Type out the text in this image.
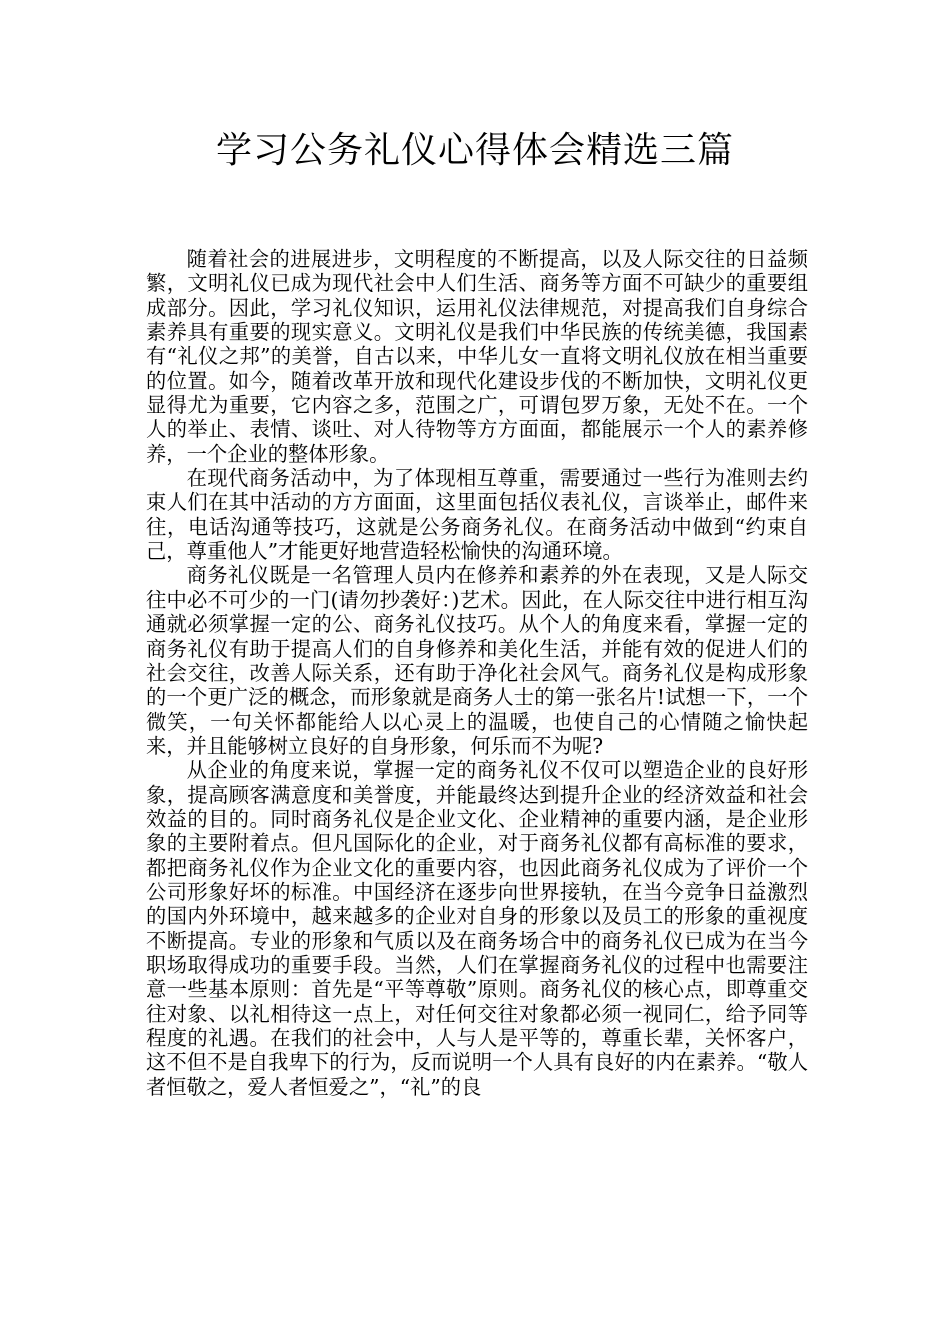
学习公务礼仪心得体会精选三篇

随着社会的进展进步，文明程度的不断提高，以及人际交往的日益频繁，文明礼仪已成为现代社会中人们生活、商务等方面不可缺少的重要组成部分。因此，学习礼仪知识，运用礼仪法律规范，对提高我们自身综合素养具有重要的现实意义。文明礼仪是我们中华民族的传统美德，我国素有“礼仪之邦”的美誉，自古以来，中华儿女一直将文明礼仪放在相当重要的位置。如今，随着改革开放和现代化建设步伐的不断加快，文明礼仪更显得尤为重要，它内容之多，范围之广，可谓包罗万象，无处不在。一个人的举止、表情、谈吐、对人待物等方方面面，都能展示一个人的素养修养，一个企业的整体形象。

在现代商务活动中，为了体现相互尊重，需要通过一些行为准则去约束人们在其中活动的方方面面，这里面包括仪表礼仪，言谈举止，邮件来往，电话沟通等技巧，这就是公务商务礼仪。在商务活动中做到“约束自己，尊重他人”才能更好地营造轻松愉快的沟通环境。

商务礼仪既是一名管理人员内在修养和素养的外在表现，又是人际交往中必不可少的一门(请勿抄袭好：)艺术。因此，在人际交往中进行相互沟通就必须掌握一定的公、商务礼仪技巧。从个人的角度来看，掌握一定的商务礼仪有助于提高人们的自身修养和美化生活，并能有效的促进人们的社会交往，改善人际关系，还有助于净化社会风气。商务礼仪是构成形象的一个更广泛的概念，而形象就是商务人士的第一张名片!试想一下，一个微笑，一句关怀都能给人以心灵上的温暖，也使自己的心情随之愉快起来，并且能够树立良好的自身形象，何乐而不为呢?

从企业的角度来说，掌握一定的商务礼仪不仅可以塑造企业的良好形象，提高顾客满意度和美誉度，并能最终达到提升企业的经济效益和社会效益的目的。同时商务礼仪是企业文化、企业精神的重要内涵，是企业形象的主要附着点。但凡国际化的企业，对于商务礼仪都有高标准的要求，都把商务礼仪作为企业文化的重要内容，也因此商务礼仪成为了评价一个公司形象好坏的标准。中国经济在逐步向世界接轨，在当今竞争日益激烈的国内外环境中，越来越多的企业对自身的形象以及员工的形象的重视度不断提高。专业的形象和气质以及在商务场合中的商务礼仪已成为在当今职场取得成功的重要手段。当然，人们在掌握商务礼仪的过程中也需要注意一些基本原则：首先是“平等尊敬”原则。商务礼仪的核心点，即尊重交往对象、以礼相待这一点上，对任何交往对象都必须一视同仁，给予同等程度的礼遇。在我们的社会中，人与人是平等的，尊重长辈，关怀客户，这不但不是自我卑下的行为，反而说明一个人具有良好的内在素养。“敬人者恒敬之，爱人者恒爱之”，“礼”的良
